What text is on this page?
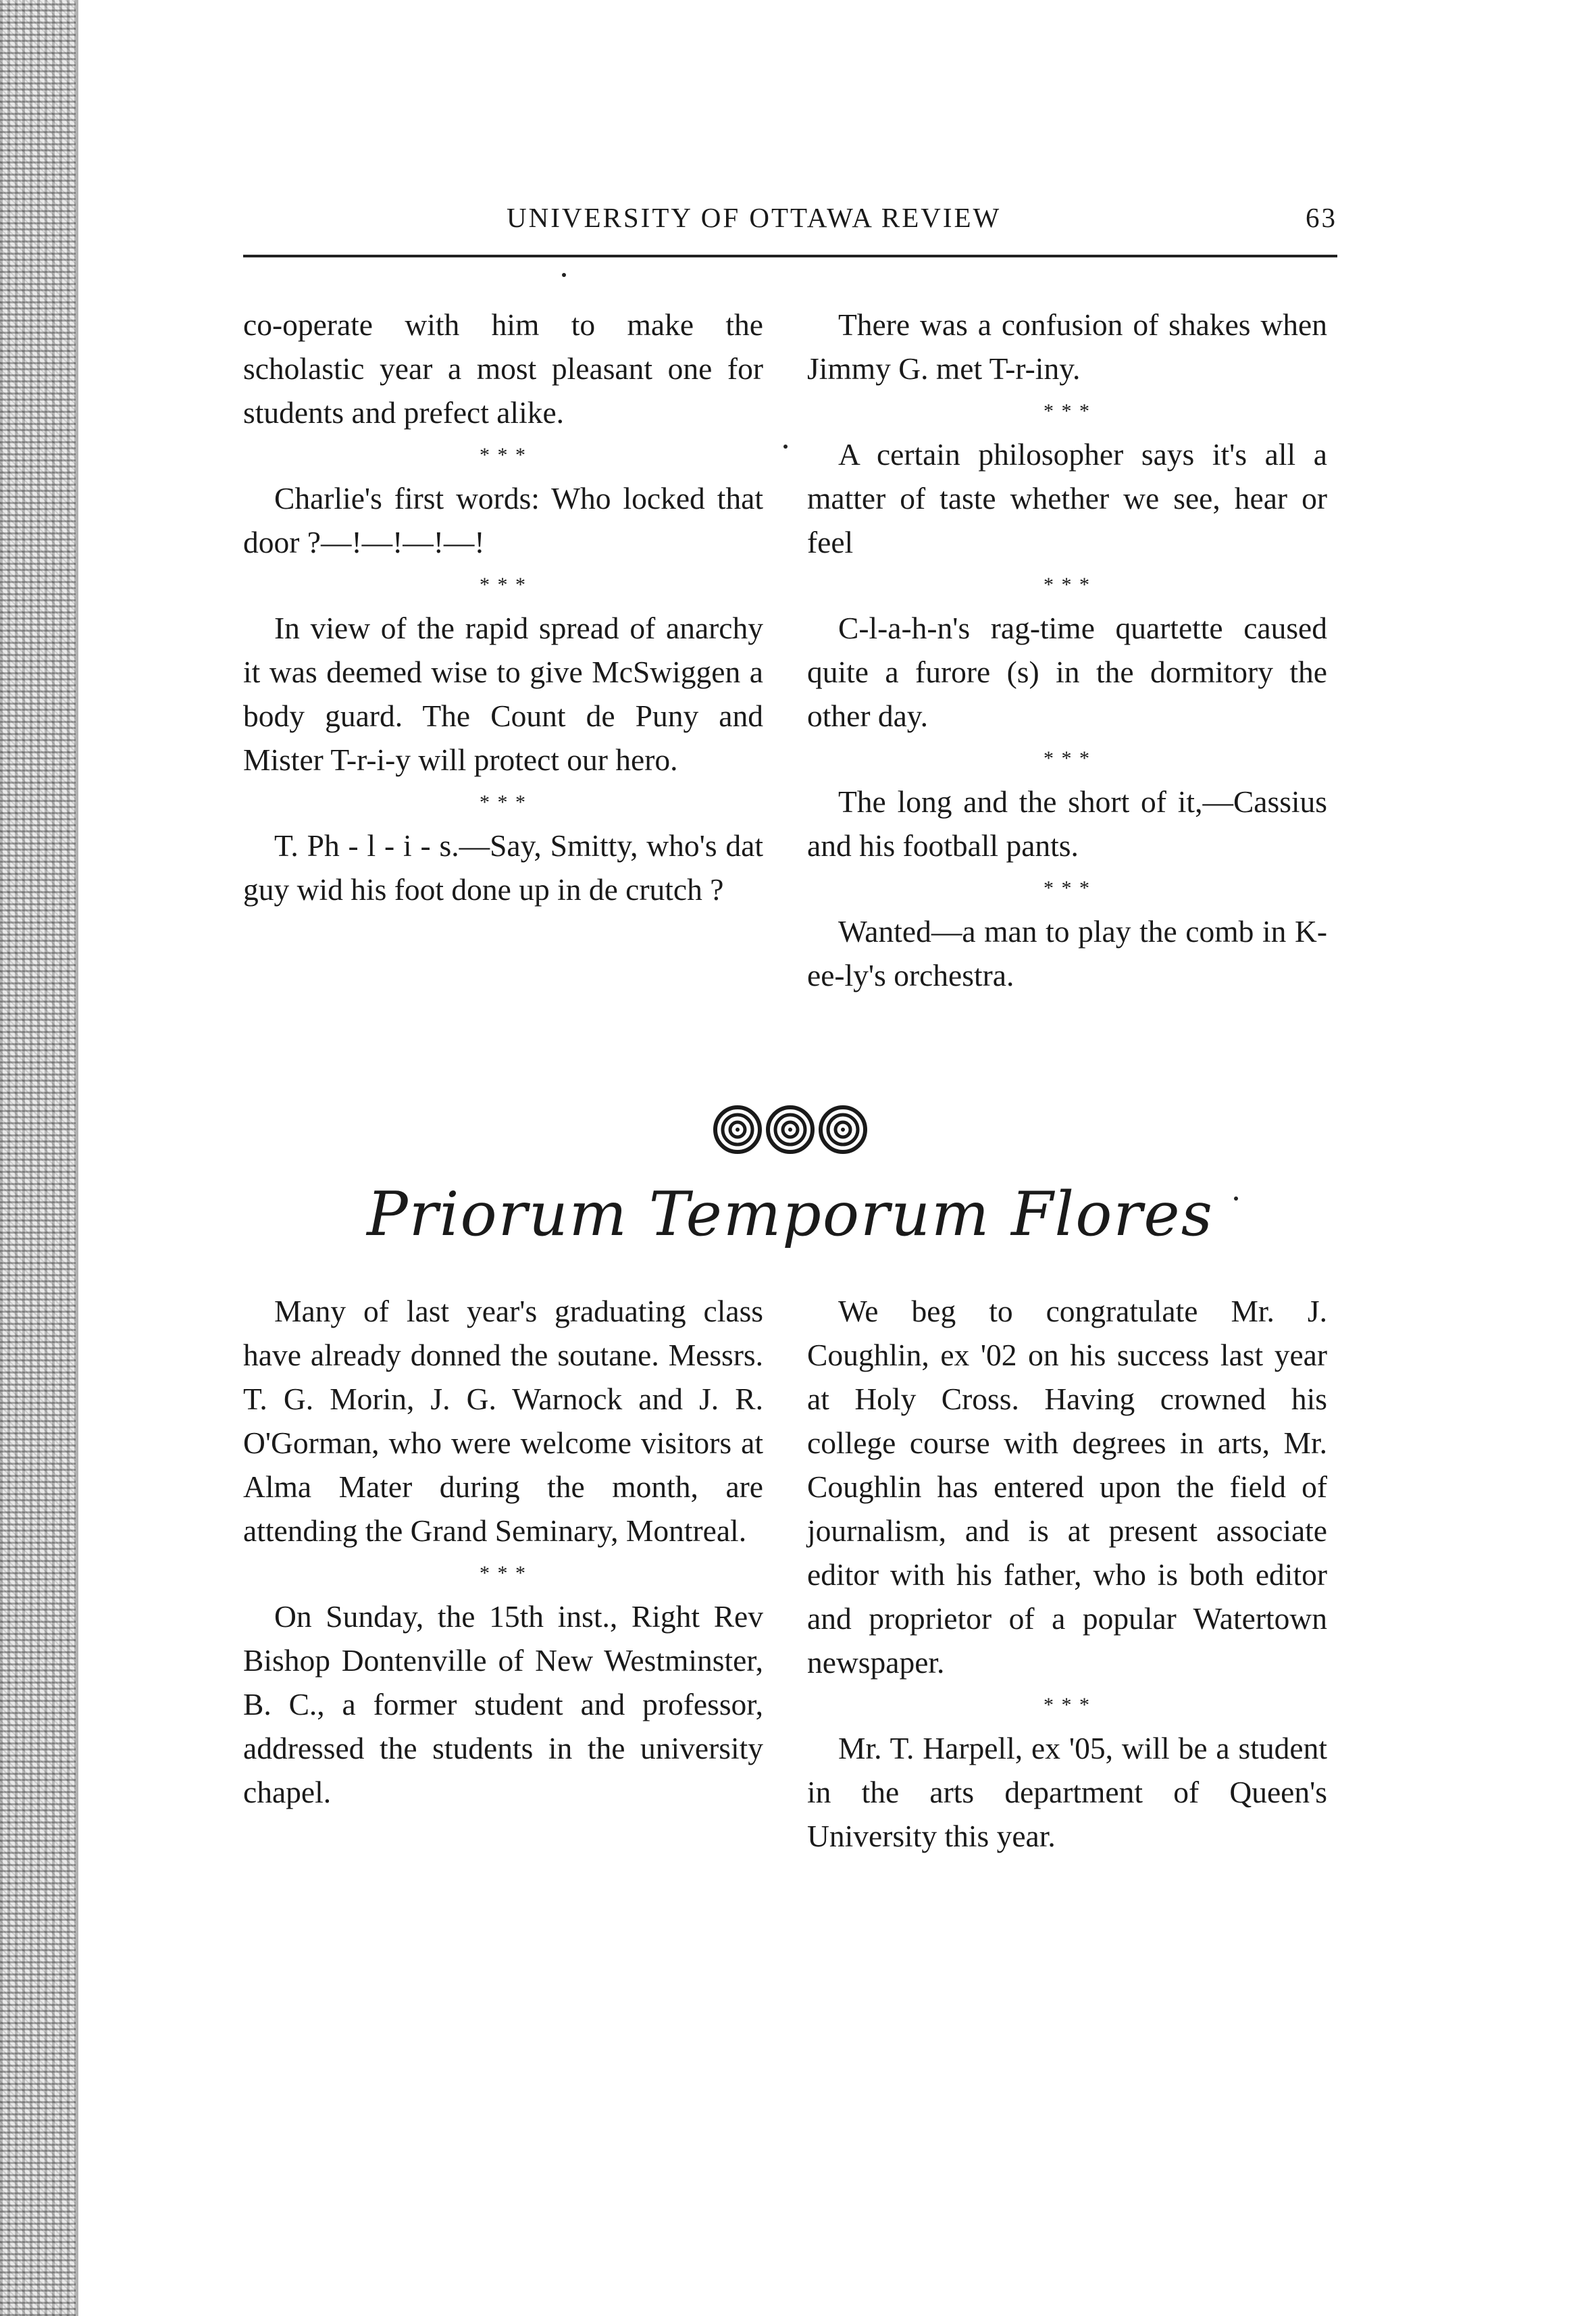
UNIVERSITY OF OTTAWA REVIEW	63

co-operate with him to make the scholastic year a most pleasant one for students and prefect alike.

* * *

Charlie's first words: Who locked that door ?—!—!—!—!

* * *

In view of the rapid spread of anarchy it was deemed wise to give McSwiggen a body guard. The Count de Puny and Mister T-r-i-y will protect our hero.

* * *

T. Ph - l - i - s.—Say, Smitty, who's dat guy wid his foot done up in de crutch ?

There was a confusion of shakes when Jimmy G. met T-r-iny.

* * *

A certain philosopher says it's all a matter of taste whether we see, hear or feel

* * *

C-l-a-h-n's rag-time quartette caused quite a furore (s) in the dormitory the other day.

* * *

The long and the short of it,—Cassius and his football pants.

* * *

Wanted—a man to play the comb in K-ee-ly's orchestra.

Priorum Temporum Flores

Many of last year's graduating class have already donned the soutane. Messrs. T. G. Morin, J. G. Warnock and J. R. O'Gorman, who were welcome visitors at Alma Mater during the month, are attending the Grand Seminary, Montreal.

* * *

On Sunday, the 15th inst., Right Rev Bishop Dontenville of New Westminster, B. C., a former student and professor, addressed the students in the university chapel.

We beg to congratulate Mr. J. Coughlin, ex '02 on his success last year at Holy Cross. Having crowned his college course with degrees in arts, Mr. Coughlin has entered upon the field of journalism, and is at present associate editor with his father, who is both editor and proprietor of a popular Watertown newspaper.

* * *

Mr. T. Harpell, ex '05, will be a student in the arts department of Queen's University this year.
